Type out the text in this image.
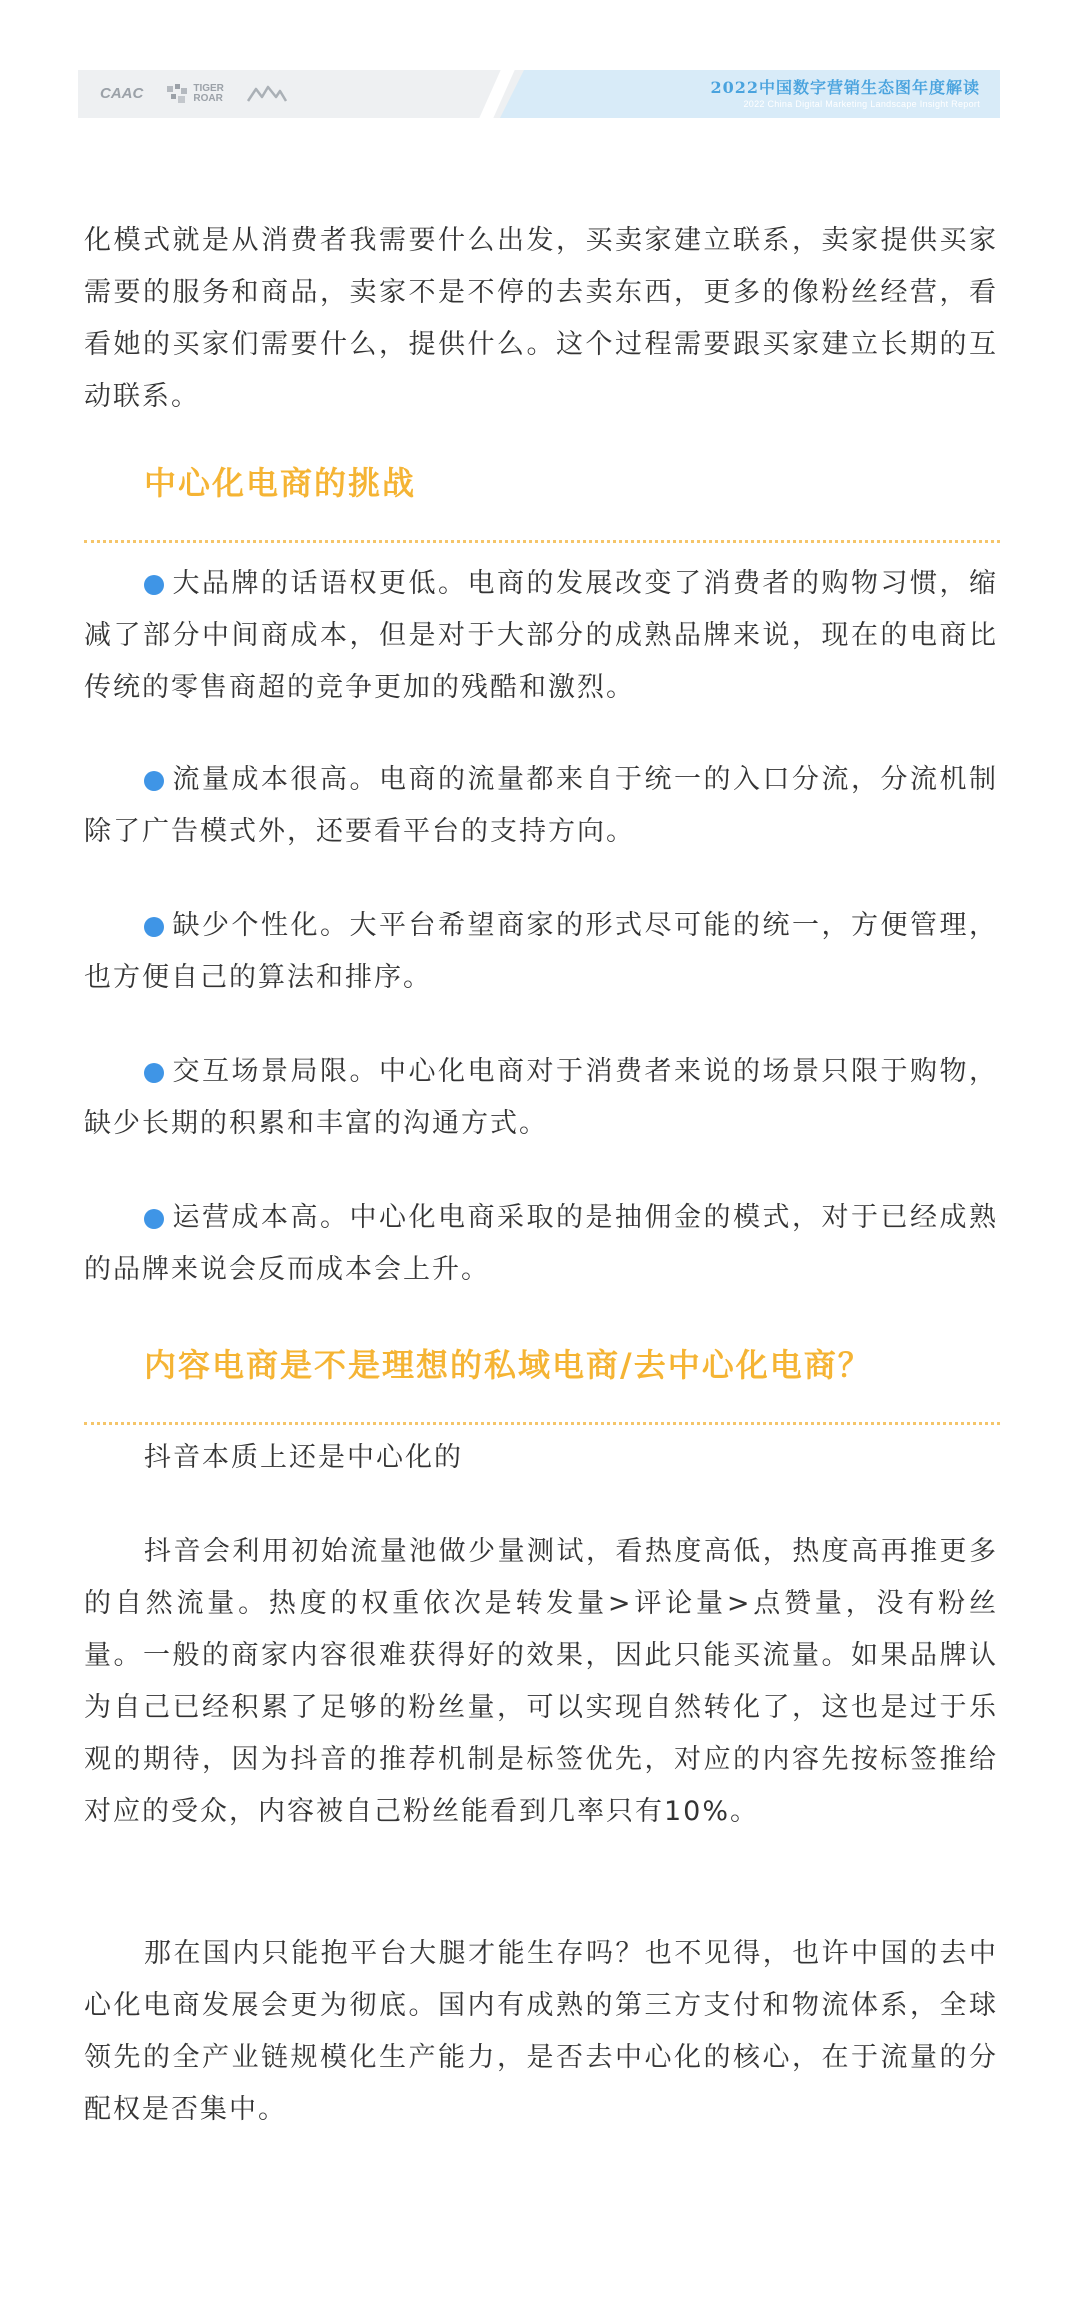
CAAC	TIGER
ROAR
2022中国数字营销生态图年度解读
2022 China Digital Marketing Landscape Insight Report

化模式就是从消费者我需要什么出发，买卖家建立联系，卖家提供买家需要的服务和商品，卖家不是不停的去卖东西，更多的像粉丝经营，看看她的买家们需要什么，提供什么。这个过程需要跟买家建立长期的互动联系。

中心化电商的挑战

大品牌的话语权更低。电商的发展改变了消费者的购物习惯，缩减了部分中间商成本，但是对于大部分的成熟品牌来说，现在的电商比传统的零售商超的竞争更加的残酷和激烈。

流量成本很高。电商的流量都来自于统一的入口分流，分流机制除了广告模式外，还要看平台的支持方向。

缺少个性化。大平台希望商家的形式尽可能的统一，方便管理，也方便自己的算法和排序。

交互场景局限。中心化电商对于消费者来说的场景只限于购物，缺少长期的积累和丰富的沟通方式。

运营成本高。中心化电商采取的是抽佣金的模式，对于已经成熟的品牌来说会反而成本会上升。

内容电商是不是理想的私域电商/去中心化电商？

抖音本质上还是中心化的

抖音会利用初始流量池做少量测试，看热度高低，热度高再推更多的自然流量。热度的权重依次是转发量>评论量>点赞量，没有粉丝量。一般的商家内容很难获得好的效果，因此只能买流量。如果品牌认为自己已经积累了足够的粉丝量，可以实现自然转化了，这也是过于乐观的期待，因为抖音的推荐机制是标签优先，对应的内容先按标签推给对应的受众，内容被自己粉丝能看到几率只有10%。

那在国内只能抱平台大腿才能生存吗？也不见得，也许中国的去中心化电商发展会更为彻底。国内有成熟的第三方支付和物流体系，全球领先的全产业链规模化生产能力，是否去中心化的核心，在于流量的分配权是否集中。
